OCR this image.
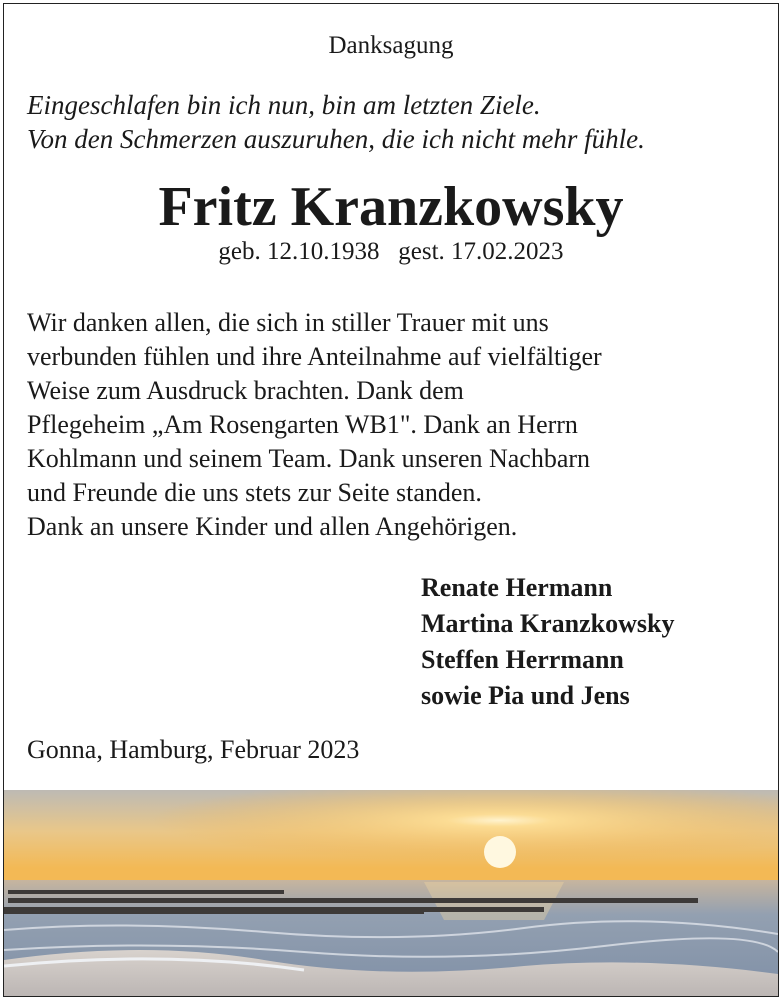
Danksagung
Eingeschlafen bin ich nun, bin am letzten Ziele.
Von den Schmerzen auszuruhen, die ich nicht mehr fühle.
Fritz Kranzkowsky
geb. 12.10.1938 gest. 17.02.2023
Wir danken allen, die sich in stiller Trauer mit uns
verbunden fühlen und ihre Anteilnahme auf vielfältiger
Weise zum Ausdruck brachten. Dank dem
Pflegeheim „Am Rosengarten WB1". Dank an Herrn
Kohlmann und seinem Team. Dank unseren Nachbarn
und Freunde die uns stets zur Seite standen.
Dank an unsere Kinder und allen Angehörigen.
Renate Hermann
Martina Kranzkowsky
Steffen Herrmann
sowie Pia und Jens
Gonna, Hamburg, Februar 2023
